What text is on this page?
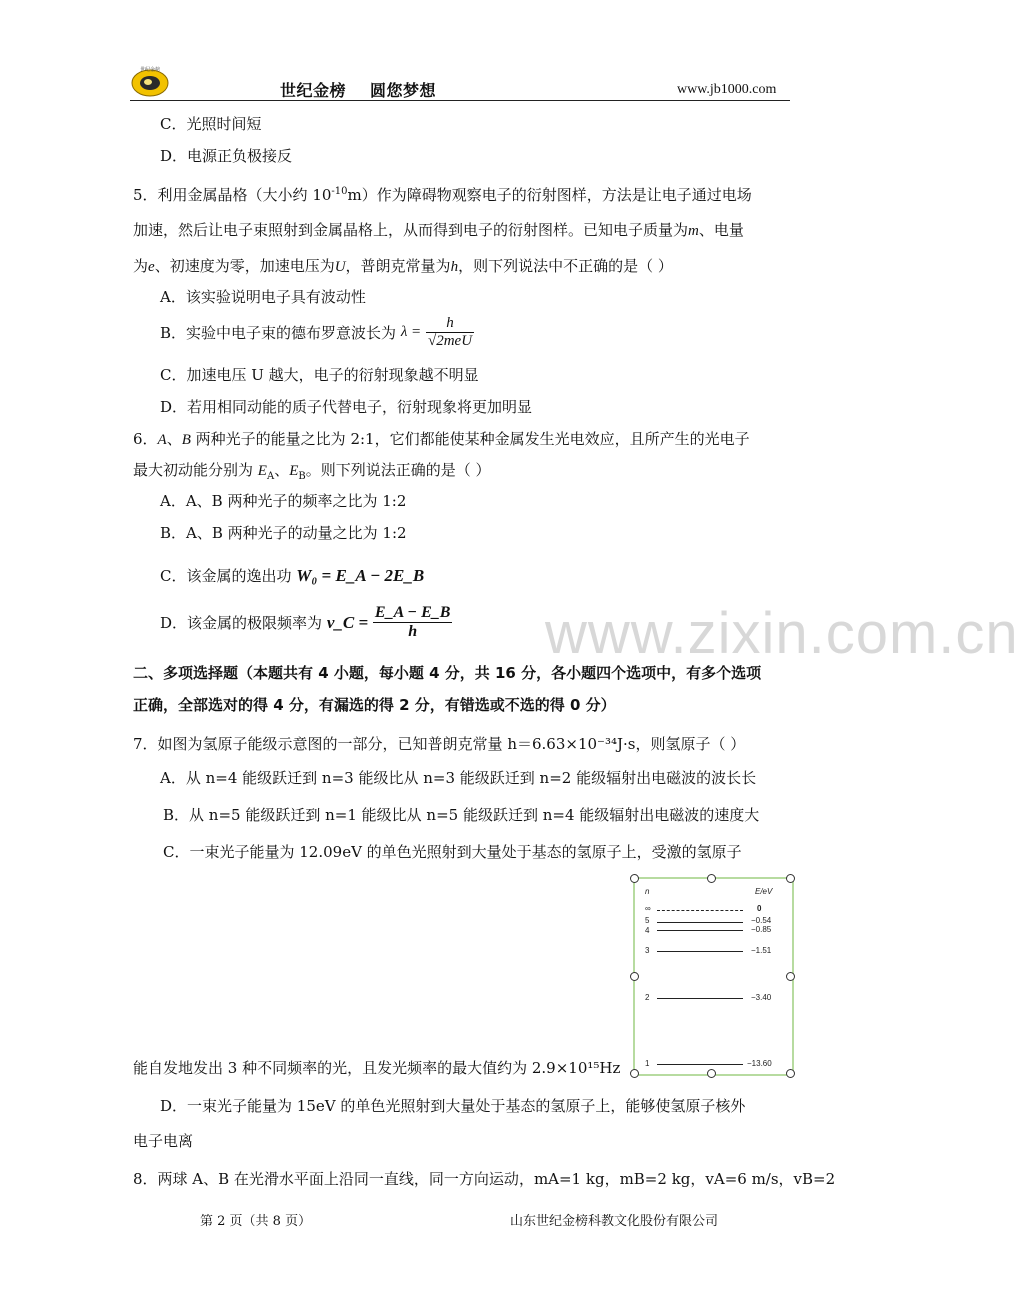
世纪金榜
世纪金榜 圆您梦想	www.jb1000.com
C．光照时间短
D．电源正负极接反
5．利用金属晶格（大小约 $10^{-10}m$）作为障碍物观察电子的衍射图样，方法是让电子通过电场
加速，然后让电子束照射到金属晶格上，从而得到电子的衍射图样。已知电子质量为m、电量
为e、初速度为零，加速电压为U，普朗克常量为h，则下列说法中不正确的是（ ）
A．该实验说明电子具有波动性
B．实验中电子束的德布罗意波长为 $\lambda = \frac{h}{\text{√2meU}}$
C．加速电压 U 越大，电子的衍射现象越不明显
D．若用相同动能的质子代替电子，衍射现象将更加明显
6．A、B 两种光子的能量之比为 2:1，它们都能使某种金属发生光电效应，且所产生的光电子
最大初动能分别为 $E_A$、$E_B$。则下列说法正确的是（ ）
A．A、B 两种光子的频率之比为 1:2
B．A、B 两种光子的动量之比为 1:2
C．该金属的逸出功 W₀ = E_A − 2E_B
D．该金属的极限频率为 ν_C = E_A − E_B
h	www.zixin.com.cn
二、多项选择题（本题共有 4 小题，每小题 4 分，共 16 分，各小题四个选项中，有多个选项
正确，全部选对的得 4 分，有漏选的得 2 分，有错选或不选的得 0 分）
7．如图为氢原子能级示意图的一部分，已知普朗克常量 h＝6.63×10⁻³⁴J·s，则氢原子（ ）
A．从 n=4 能级跃迁到 n=3 能级比从 n=3 能级跃迁到 n=2 能级辐射出电磁波的波长长
B．从 n=5 能级跃迁到 n=1 能级比从 n=5 能级跃迁到 n=4 能级辐射出电磁波的速度大
C．一束光子能量为 12.09eV 的单色光照射到大量处于基态的氢原子上，受激的氢原子
能自发地发出 3 种不同频率的光，且发光频率的最大值约为 2.9×10¹⁵Hz
D．一束光子能量为 15eV 的单色光照射到大量处于基态的氢原子上，能够使氢原子核外
电子电离
n	E/eV
∞	0
5	−0.54
4	−0.85
3	−1.51
2	−3.40
1	−13.60
8．两球 A、B 在光滑水平面上沿同一直线，同一方向运动，mA=1 kg，mB=2 kg，vA=6 m/s，vB=2
第 2 页（共 8 页）	山东世纪金榜科教文化股份有限公司
